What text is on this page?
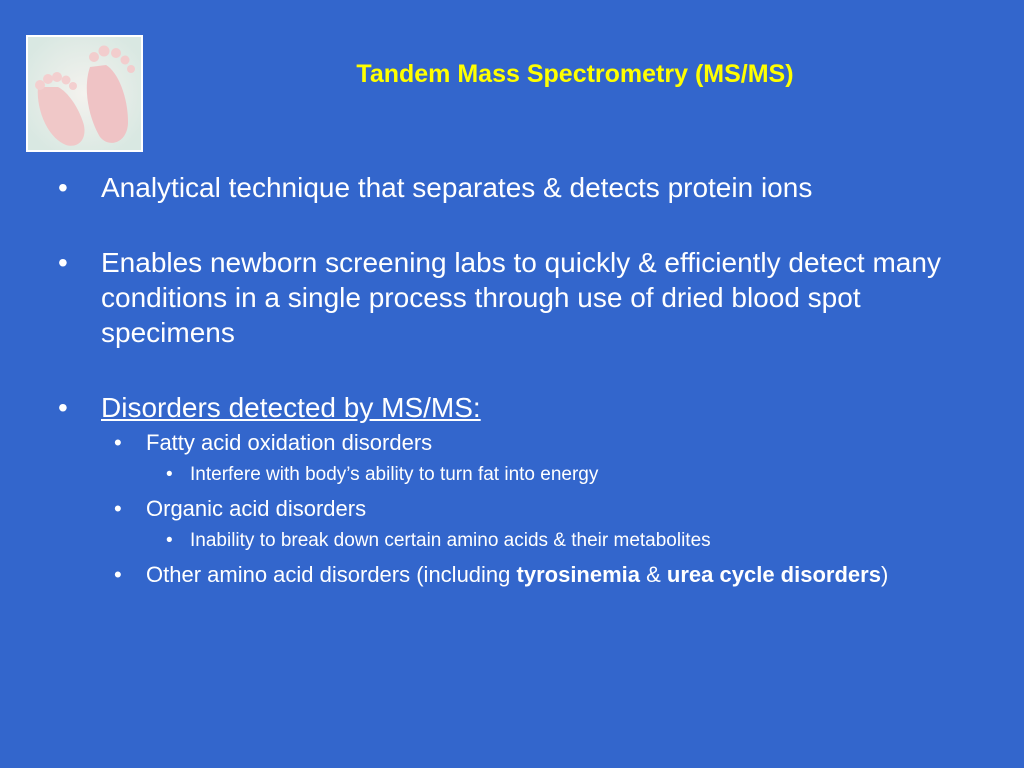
Tandem Mass Spectrometry (MS/MS)
• Analytical technique that separates & detects protein ions
• Enables newborn screening labs to quickly & efficiently detect many conditions in a single process through use of dried blood spot specimens
• Disorders detected by MS/MS:
• Fatty acid oxidation disorders
• Interfere with body’s ability to turn fat into energy
• Organic acid disorders
• Inability to break down certain amino acids & their metabolites
• Other amino acid disorders (including tyrosinemia & urea cycle disorders)
